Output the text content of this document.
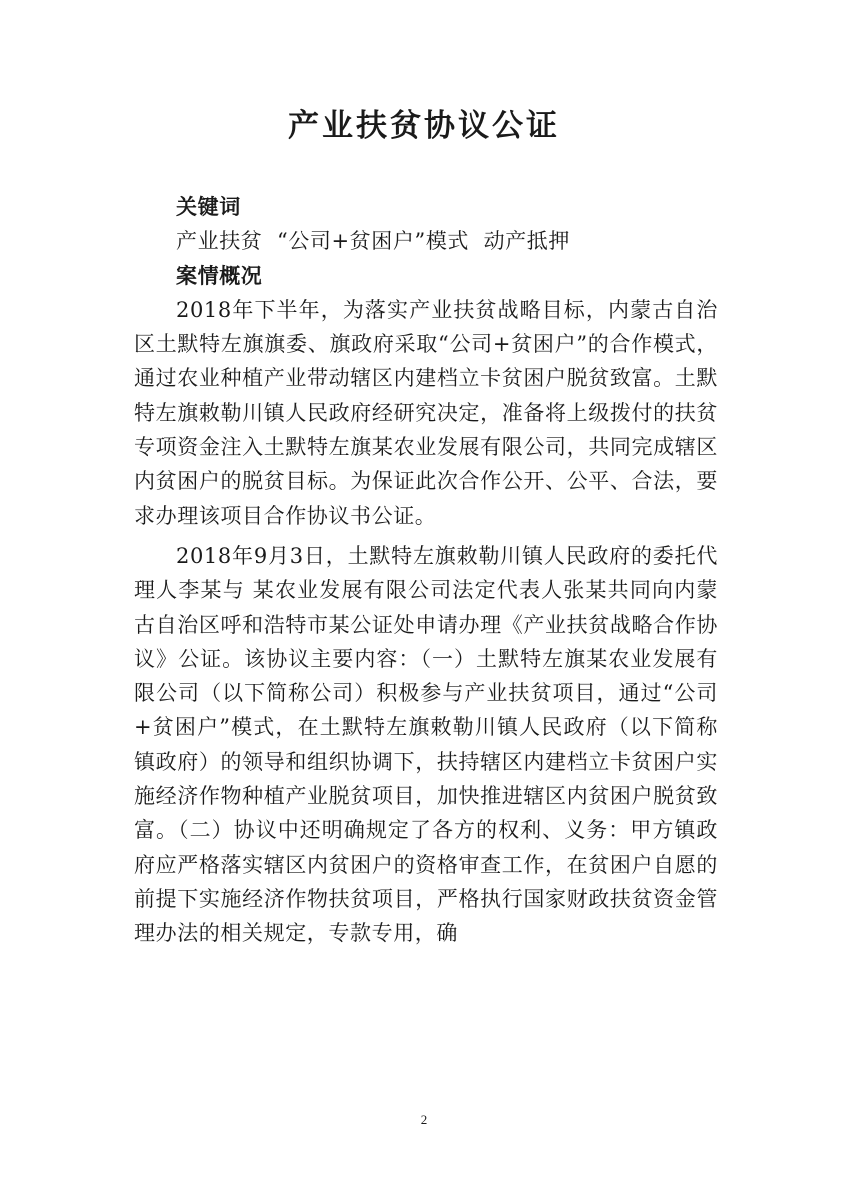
产业扶贫协议公证

关键词

产业扶贫  “公司+贫困户”模式  动产抵押

案情概况

2018年下半年，为落实产业扶贫战略目标，内蒙古自治区土默特左旗旗委、旗政府采取“公司+贫困户”的合作模式，通过农业种植产业带动辖区内建档立卡贫困户脱贫致富。土默特左旗敕勒川镇人民政府经研究决定，准备将上级拨付的扶贫专项资金注入土默特左旗某农业发展有限公司，共同完成辖区内贫困户的脱贫目标。为保证此次合作公开、公平、合法，要求办理该项目合作协议书公证。

2018年9月3日，土默特左旗敕勒川镇人民政府的委托代理人李某与 某农业发展有限公司法定代表人张某共同向内蒙古自治区呼和浩特市某公证处申请办理《产业扶贫战略合作协议》公证。该协议主要内容：（一）土默特左旗某农业发展有限公司（以下简称公司）积极参与产业扶贫项目，通过“公司+贫困户”模式，在土默特左旗敕勒川镇人民政府（以下简称镇政府）的领导和组织协调下，扶持辖区内建档立卡贫困户实施经济作物种植产业脱贫项目，加快推进辖区内贫困户脱贫致富。（二）协议中还明确规定了各方的权利、义务：甲方镇政府应严格落实辖区内贫困户的资格审查工作，在贫困户自愿的前提下实施经济作物扶贫项目，严格执行国家财政扶贫资金管理办法的相关规定，专款专用，确

2
